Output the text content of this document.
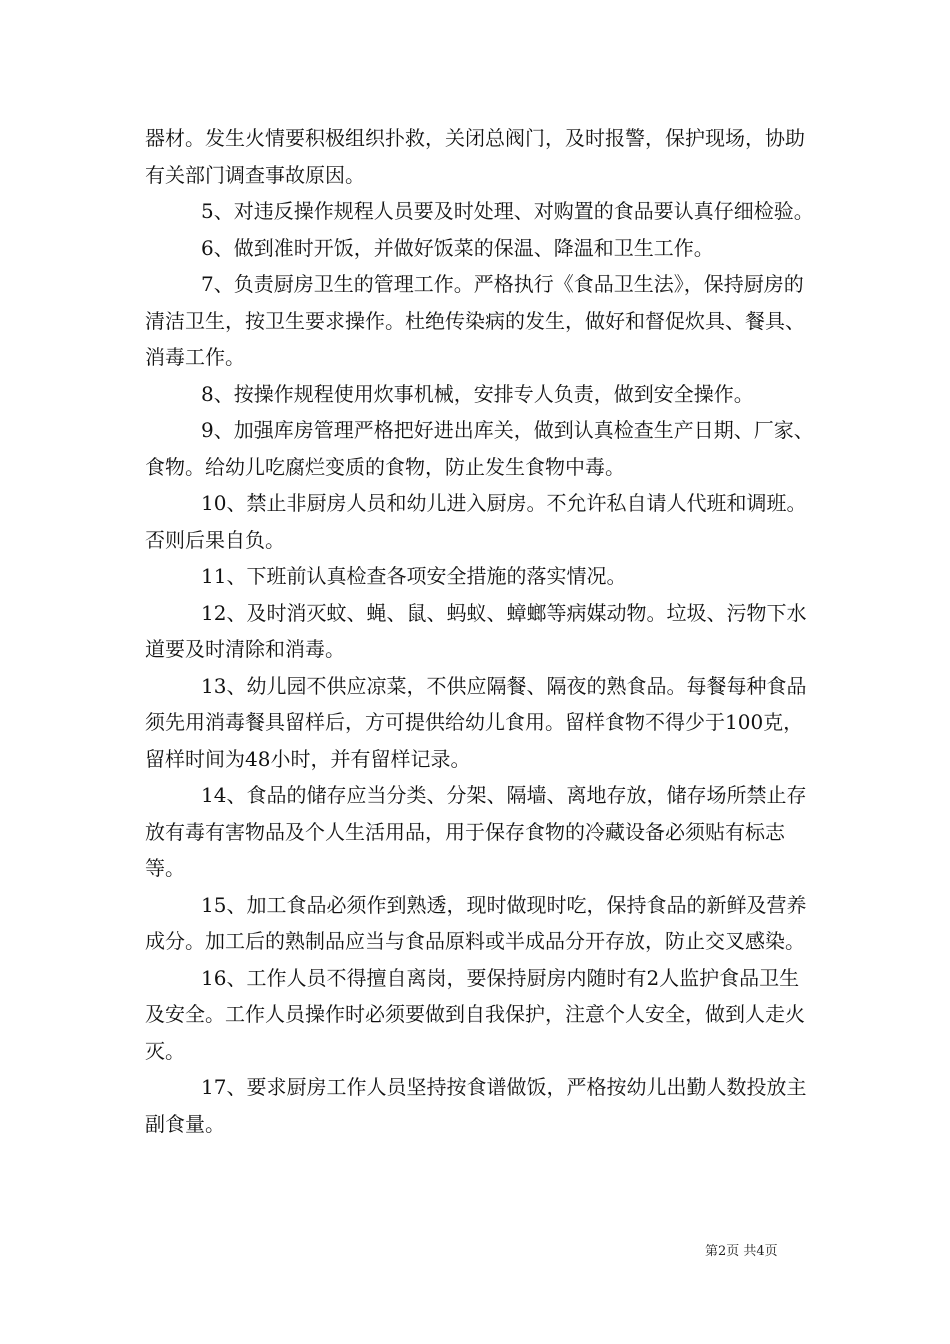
器材。发生火情要积极组织扑救，关闭总阀门，及时报警，保护现场，协助有关部门调查事故原因。

5、对违反操作规程人员要及时处理、对购置的食品要认真仔细检验。

6、做到准时开饭，并做好饭菜的保温、降温和卫生工作。

7、负责厨房卫生的管理工作。严格执行《食品卫生法》，保持厨房的清洁卫生，按卫生要求操作。杜绝传染病的发生，做好和督促炊具、餐具、消毒工作。

8、按操作规程使用炊事机械，安排专人负责，做到安全操作。

9、加强库房管理严格把好进出库关，做到认真检查生产日期、厂家、食物。给幼儿吃腐烂变质的食物，防止发生食物中毒。

10、禁止非厨房人员和幼儿进入厨房。不允许私自请人代班和调班。否则后果自负。

11、下班前认真检查各项安全措施的落实情况。

12、及时消灭蚊、蝇、鼠、蚂蚁、蟑螂等病媒动物。垃圾、污物下水道要及时清除和消毒。

13、幼儿园不供应凉菜，不供应隔餐、隔夜的熟食品。每餐每种食品须先用消毒餐具留样后，方可提供给幼儿食用。留样食物不得少于100克，留样时间为48小时，并有留样记录。

14、食品的储存应当分类、分架、隔墙、离地存放，储存场所禁止存放有毒有害物品及个人生活用品，用于保存食物的冷藏设备必须贴有标志等。

15、加工食品必须作到熟透，现时做现时吃，保持食品的新鲜及营养成分。加工后的熟制品应当与食品原料或半成品分开存放，防止交叉感染。

16、工作人员不得擅自离岗，要保持厨房内随时有2人监护食品卫生及安全。工作人员操作时必须要做到自我保护，注意个人安全，做到人走火灭。

17、要求厨房工作人员坚持按食谱做饭，严格按幼儿出勤人数投放主副食量。

第2页 共4页
